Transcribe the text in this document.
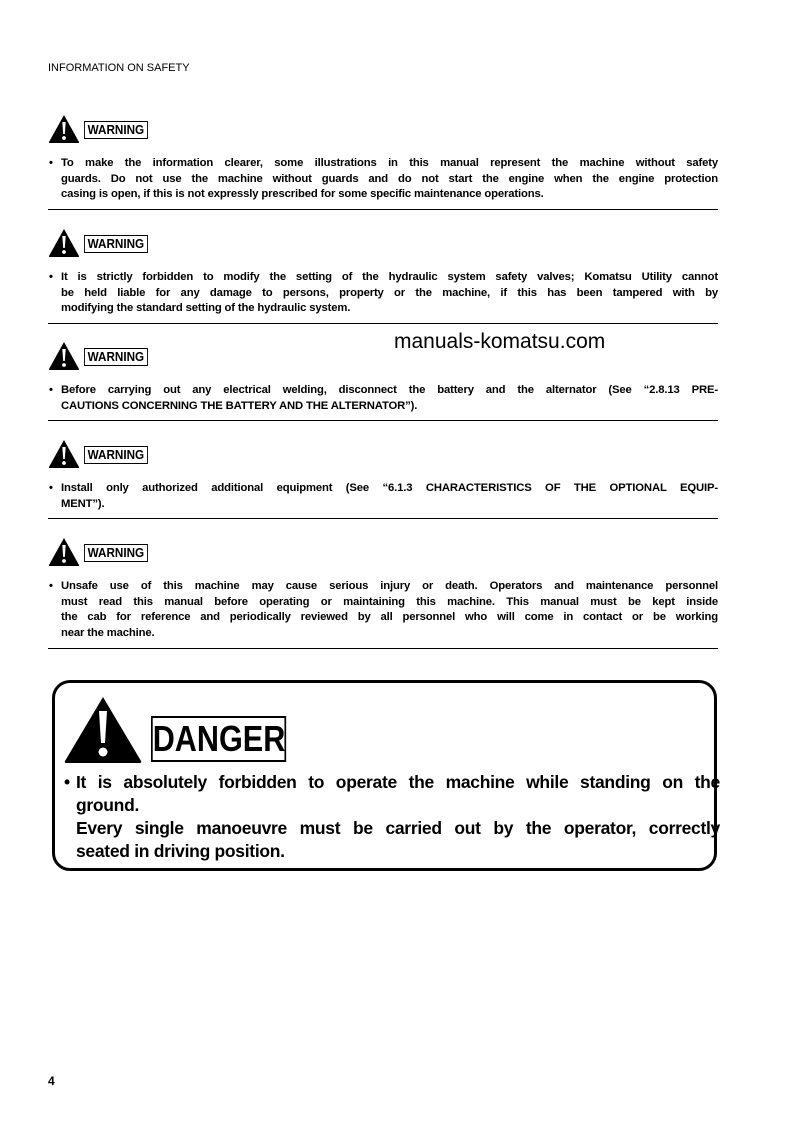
INFORMATION ON SAFETY
manuals-komatsu.com
WARNING
• To make the information clearer, some illustrations in this manual represent the machine without safety
guards. Do not use the machine without guards and do not start the engine when the engine protection
casing is open, if this is not expressly prescribed for some specific maintenance operations.
WARNING
• It is strictly forbidden to modify the setting of the hydraulic system safety valves; Komatsu Utility cannot
be held liable for any damage to persons, property or the machine, if this has been tampered with by
modifying the standard setting of the hydraulic system.
WARNING
• Before carrying out any electrical welding, disconnect the battery and the alternator (See “2.8.13 PRE-
CAUTIONS CONCERNING THE BATTERY AND THE ALTERNATOR”).
WARNING
• Install only authorized additional equipment (See “6.1.3 CHARACTERISTICS OF THE OPTIONAL EQUIP-
MENT”).
WARNING
• Unsafe use of this machine may cause serious injury or death. Operators and maintenance personnel
must read this manual before operating or maintaining this machine. This manual must be kept inside
the cab for reference and periodically reviewed by all personnel who will come in contact or be working
near the machine.
DANGER
• It is absolutely forbidden to operate the machine while standing on the
ground.
Every single manoeuvre must be carried out by the operator, correctly
seated in driving position.
4
